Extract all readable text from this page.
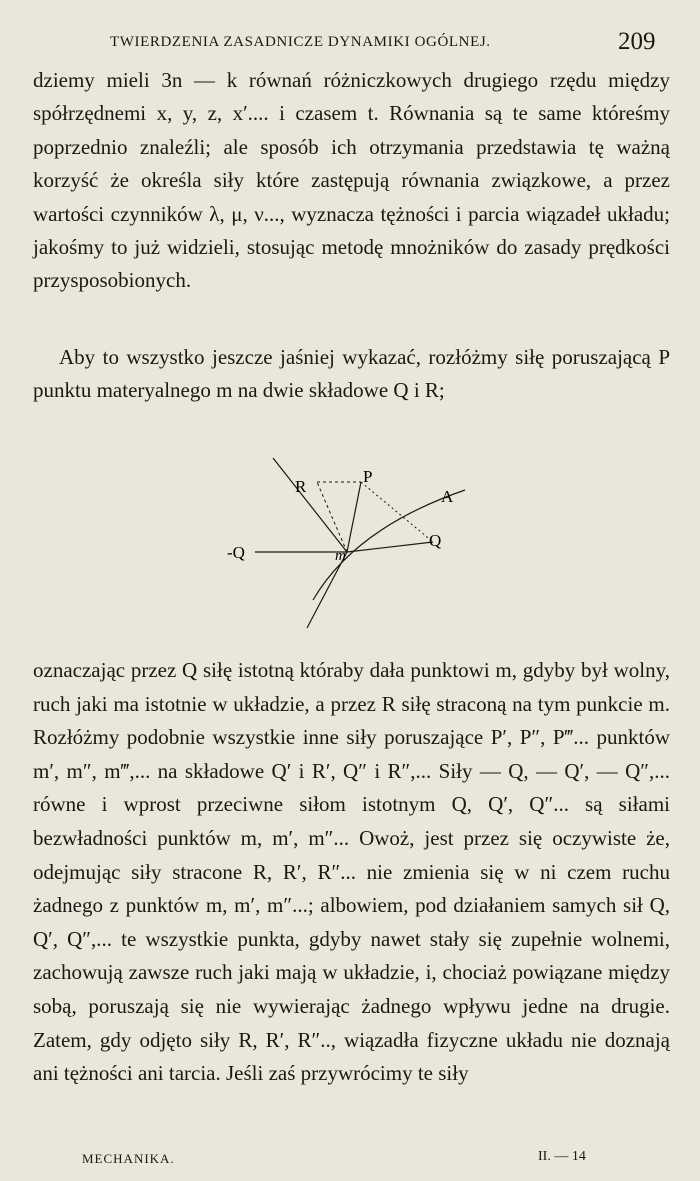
TWIERDZENIA ZASADNICZE DYNAMIKI OGÓLNEJ.	209

dziemy mieli 3n — k równań różniczkowych drugiego rzędu między spółrzędnemi x, y, z, x′.... i czasem t. Równania są te same któreśmy poprzednio znaleźli; ale sposób ich otrzymania przedstawia tę ważną korzyść że określa siły które zastępują równania związkowe, a przez wartości czynników λ, μ, ν..., wyznacza tężności i parcia wiązadeł układu; jakośmy to już widzieli, stosując metodę mnożników do zasady prędkości przysposobionych.

Aby to wszystko jeszcze jaśniej wykazać, rozłóżmy siłę poruszającą P punktu materyalnego m na dwie składowe Q i R;

R
P
A
Q
-Q	m

oznaczając przez Q siłę istotną któraby dała punktowi m, gdyby był wolny, ruch jaki ma istotnie w układzie, a przez R siłę straconą na tym punkcie m. Rozłóżmy podobnie wszystkie inne siły poruszające P′, P″, P‴... punktów m′, m″, m‴,... na składowe Q′ i R′, Q″ i R″,... Siły — Q, — Q′, — Q″,... równe i wprost przeciwne siłom istotnym Q, Q′, Q″... są siłami bezwładności punktów m, m′, m″... Owoż, jest przez się oczywiste że, odejmując siły stracone R, R′, R″... nie zmienia się w ni czem ruchu żadnego z punktów m, m′, m″...; albowiem, pod działaniem samych sił Q, Q′, Q″,... te wszystkie punkta, gdyby nawet stały się zupełnie wolnemi, zachowują zawsze ruch jaki mają w układzie, i, chociaż powiązane między sobą, poruszają się nie wywierając żadnego wpływu jedne na drugie. Zatem, gdy odjęto siły R, R′, R″.., wiązadła fizyczne układu nie doznają ani tężności ani tarcia. Jeśli zaś przywrócimy te siły

MECHANIKA.	II. — 14
